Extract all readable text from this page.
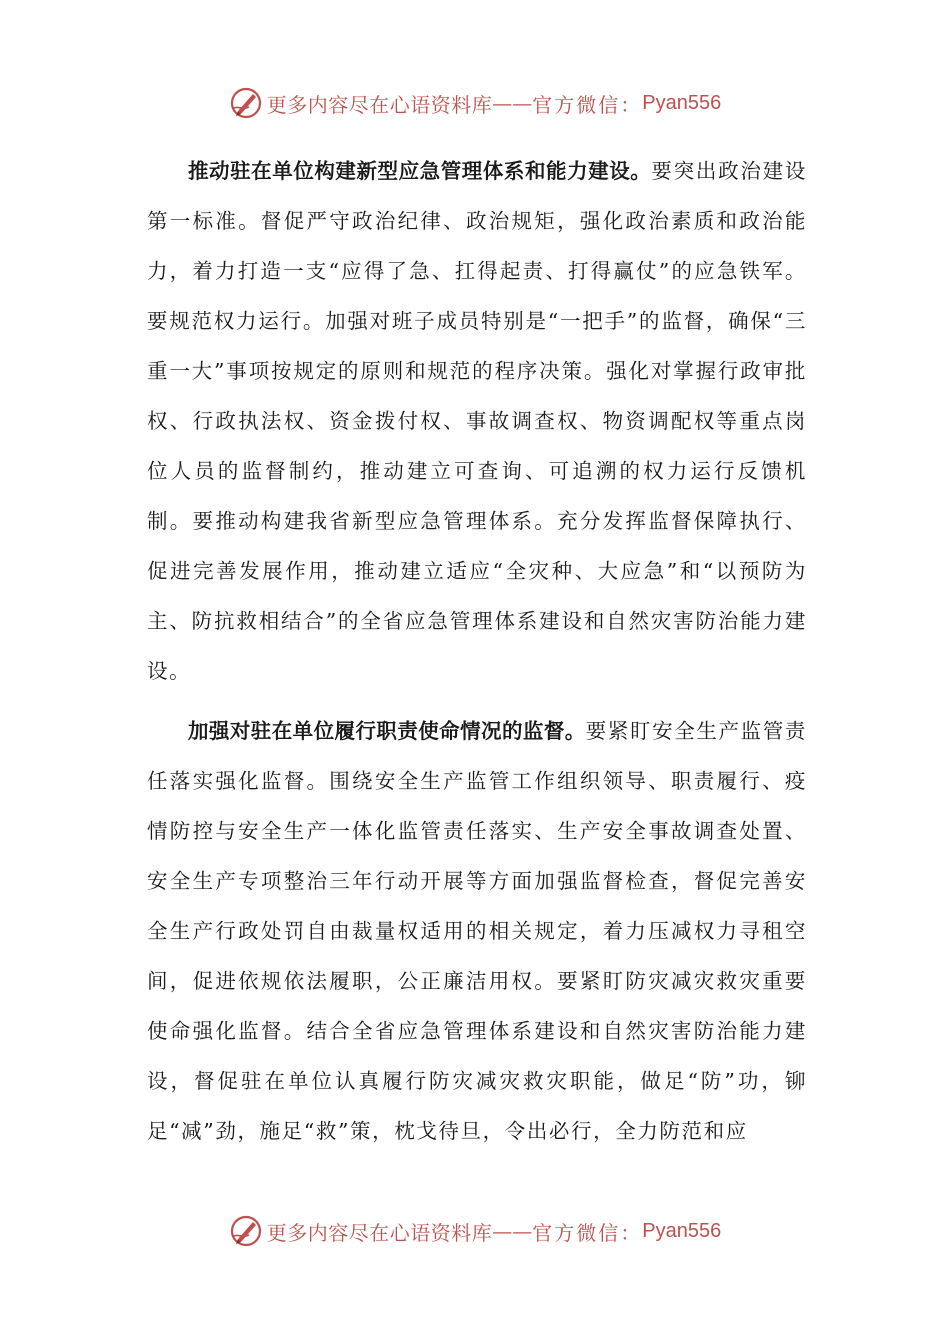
更多内容尽在心语资料库 —— 官方微信： Pyan556

推动驻在单位构建新型应急管理体系和能力建设。要突出政治建设第一标准。督促严守政治纪律、政治规矩，强化政治素质和政治能力，着力打造一支“应得了急、扛得起责、打得赢仗”的应急铁军。要规范权力运行。加强对班子成员特别是“一把手”的监督，确保“三重一大”事项按规定的原则和规范的程序决策。强化对掌握行政审批权、行政执法权、资金拨付权、事故调查权、物资调配权等重点岗位人员的监督制约，推动建立可查询、可追溯的权力运行反馈机制。要推动构建我省新型应急管理体系。充分发挥监督保障执行、促进完善发展作用，推动建立适应“全灾种、大应急”和“以预防为主、防抗救相结合”的全省应急管理体系建设和自然灾害防治能力建设。

加强对驻在单位履行职责使命情况的监督。要紧盯安全生产监管责任落实强化监督。围绕安全生产监管工作组织领导、职责履行、疫情防控与安全生产一体化监管责任落实、生产安全事故调查处置、安全生产专项整治三年行动开展等方面加强监督检查，督促完善安全生产行政处罚自由裁量权适用的相关规定，着力压减权力寻租空间，促进依规依法履职，公正廉洁用权。要紧盯防灾减灾救灾重要使命强化监督。结合全省应急管理体系建设和自然灾害防治能力建设，督促驻在单位认真履行防灾减灾救灾职能，做足“防”功，铆足“减”劲，施足“救”策，枕戈待旦，令出必行，全力防范和应

更多内容尽在心语资料库 —— 官方微信： Pyan556
